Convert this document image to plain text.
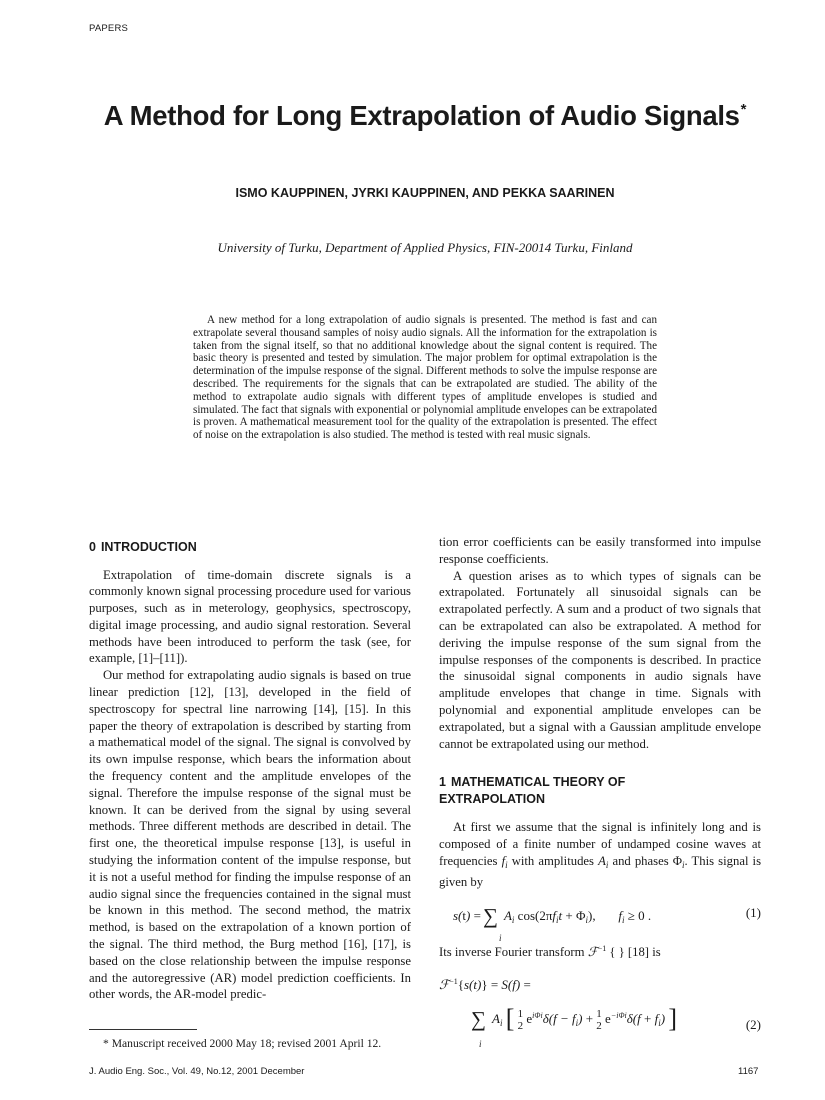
PAPERS
A Method for Long Extrapolation of Audio Signals*
ISMO KAUPPINEN, JYRKI KAUPPINEN, AND PEKKA SAARINEN
University of Turku, Department of Applied Physics, FIN-20014 Turku, Finland
A new method for a long extrapolation of audio signals is presented. The method is fast and can extrapolate several thousand samples of noisy audio signals. All the information for the extrapolation is taken from the signal itself, so that no additional knowledge about the signal content is required. The basic theory is presented and tested by simulation. The major problem for optimal extrapolation is the determination of the impulse response of the signal. Different methods to solve the impulse response are described. The requirements for the signals that can be extrapolated are studied. The ability of the method to extrapolate audio signals with different types of amplitude envelopes is studied and simulated. The fact that signals with exponential or polynomial amplitude envelopes can be extrapolated is proven. A mathematical measurement tool for the quality of the extrapolation is presented. The effect of noise on the extrapolation is also studied. The method is tested with real music signals.
0 INTRODUCTION

Extrapolation of time-domain discrete signals is a commonly known signal processing procedure used for various purposes, such as in meterology, geophysics, spectroscopy, digital image processing, and audio signal restoration. Several methods have been introduced to perform the task (see, for example, [1]–[11]).

Our method for extrapolating audio signals is based on true linear prediction [12], [13], developed in the field of spectroscopy for spectral line narrowing [14], [15]. In this paper the theory of extrapolation is described by starting from a mathematical model of the signal. The signal is convolved by its own impulse response, which bears the information about the frequency content and the amplitude envelopes of the signal. Therefore the impulse response of the signal must be known. It can be derived from the signal by using several methods. Three different methods are described in detail. The first one, the theoretical impulse response [13], is useful in studying the information content of the impulse response, but it is not a useful method for finding the impulse response of an audio signal since the frequencies contained in the signal must be known in this method. The second method, the matrix method, is based on the extrapolation of a known portion of the signal. The third method, the Burg method [16], [17], is based on the close relationship between the impulse response and the autoregressive (AR) model prediction coefficients. In other words, the AR-model predic-

tion error coefficients can be easily transformed into impulse response coefficients.

A question arises as to which types of signals can be extrapolated. Fortunately all sinusoidal signals can be extrapolated perfectly. A sum and a product of two signals that can be extrapolated can also be extrapolated. A method for deriving the impulse response of the sum signal from the impulse responses of the components is described. In practice the sinusoidal signal components in audio signals have amplitude envelopes that change in time. Signals with polynomial and exponential amplitude envelopes can be extrapolated, but a signal with a Gaussian amplitude envelope cannot be extrapolated using our method.

1 MATHEMATICAL THEORY OF
EXTRAPOLATION

At first we assume that the signal is infinitely long and is composed of a finite number of undamped cosine waves at frequencies $f_i$ with amplitudes $A_i$ and phases $\Phi_i$. This signal is given by

s(t) =∑ $A_i$ $\cos(2\pi f_it + \Phi_i)$,       $f_i \ge 0$ .
i
(1)

Its inverse Fourier transform ℱ$^{-1}$ { } [18] is

ℱ$^{-1}${s(t)} = S(f) =
∑ $A_i$ [ 1
2 $e^{i\Phi i}\delta(f - f_i) + 1$
2 $e^{-i\Phi i}\delta(f + f_i)$ ]
i
(2)
* Manuscript received 2000 May 18; revised 2001 April 12.
J. Audio Eng. Soc., Vol. 49, No.12, 2001 December	1167
